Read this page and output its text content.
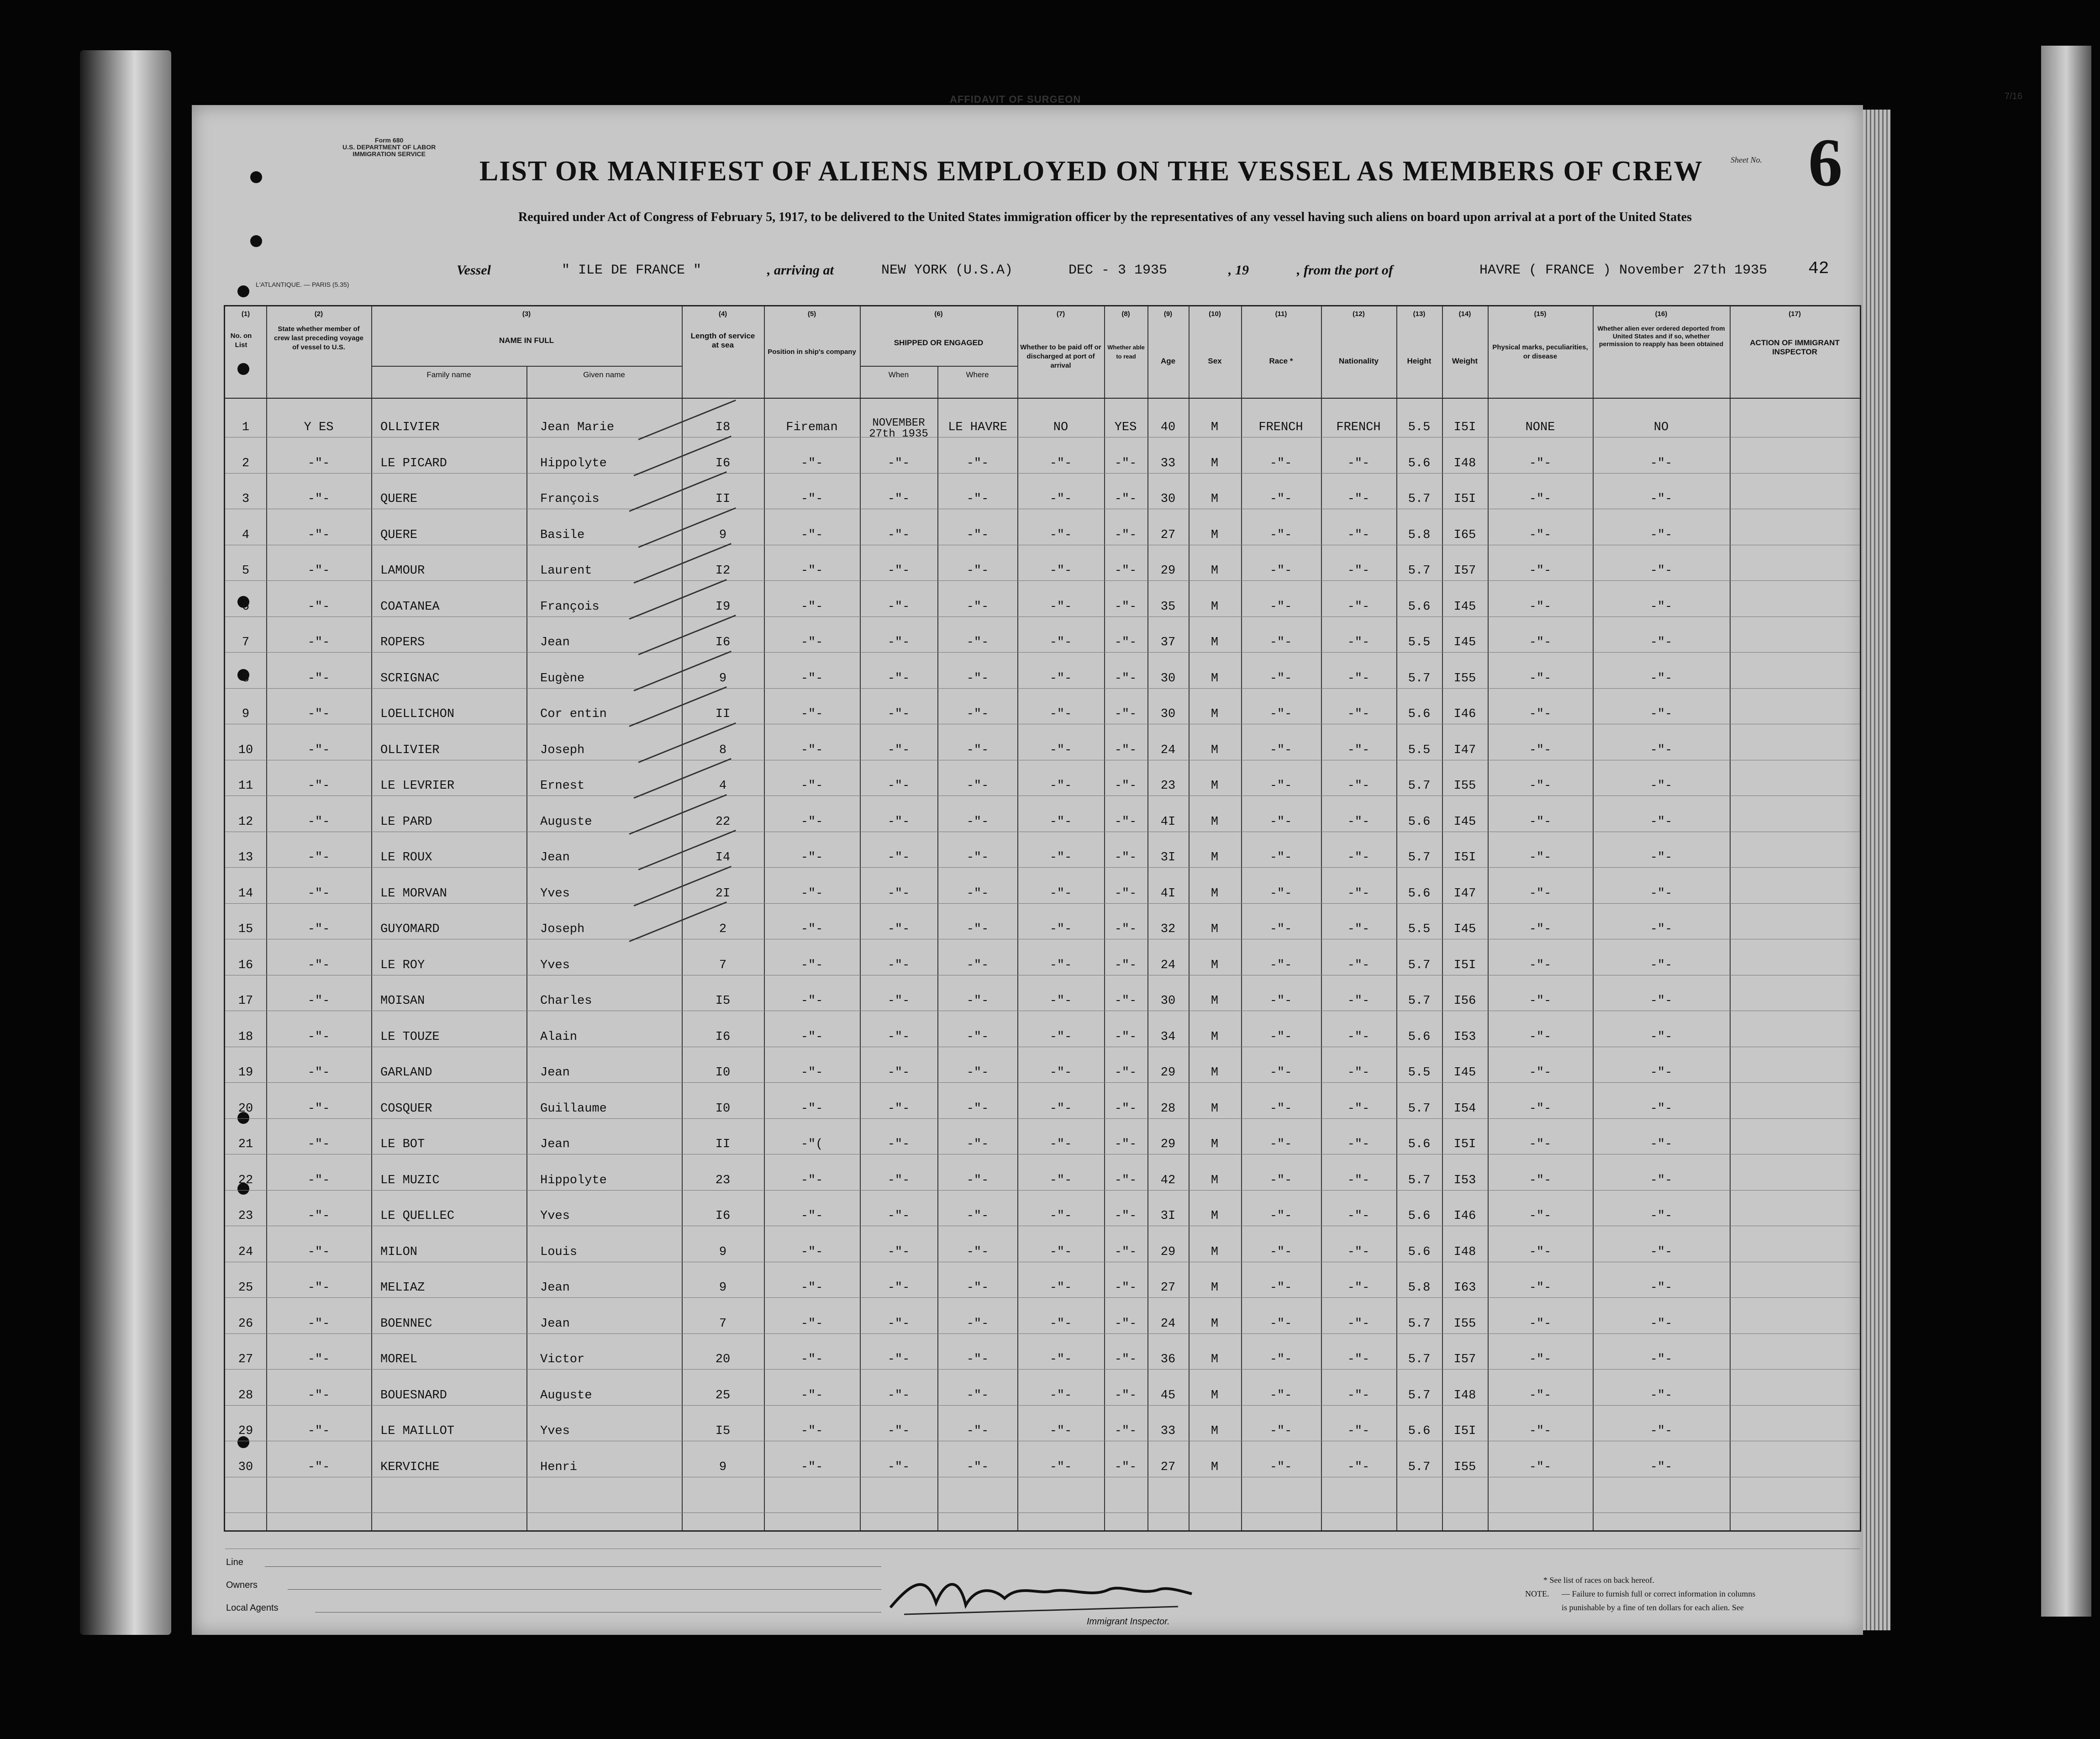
AFFIDAVIT OF SURGEON	7/16
Form 680
U.S. DEPARTMENT OF LABOR
IMMIGRATION SERVICE
LIST OR MANIFEST OF ALIENS EMPLOYED ON THE VESSEL AS MEMBERS OF CREW	Sheet No. 6
Required under Act of Congress of February 5, 1917, to be delivered to the United States immigration officer by the representatives of any vessel having such aliens on board upon arrival at a port of the United States
Vessel	" ILE DE FRANCE "	, arriving at	NEW YORK (U.S.A)	DEC - 3 1935	, 19	, from the port of	HAVRE ( FRANCE ) November 27th 1935 42
L'ATLANTIQUE. — PARIS (5.35)
(1)
No. on List
(2)
State whether member of crew last preceding voyage of vessel to U.S.
(3)
NAME IN FULL
Family name	Given name
(4)
Length of service at sea
(5)
Position in ship's company
(6)
SHIPPED OR ENGAGED
When	Where
(7)
Whether to be paid off or discharged at port of arrival
(8)
Whether able to read
(9)
Age
(10)
Sex
(11)
Race *
(12)
Nationality
(13)
Height
(14)
Weight
(15)
Physical marks, peculiarities, or disease
(16)
Whether alien ever ordered deported from United States and if so, whether permission to reapply has been obtained
(17)
ACTION OF IMMIGRANT INSPECTOR
1	Y ES	OLLIVIER	Jean Marie	I8	Fireman	NOVEMBER 27th 1935	LE HAVRE	NO	YES	40	M	FRENCH	FRENCH	5.5	I5I	NONE	NO
2	-"-	LE PICARD	Hippolyte	I6	-"-	-"-	-"-	-"-	-"-	33	M	-"-	-"-	5.6	I48	-"-	-"-
3	-"-	QUERE	François	II	-"-	-"-	-"-	-"-	-"-	30	M	-"-	-"-	5.7	I5I	-"-	-"-
4	-"-	QUERE	Basile	9	-"-	-"-	-"-	-"-	-"-	27	M	-"-	-"-	5.8	I65	-"-	-"-
5	-"-	LAMOUR	Laurent	I2	-"-	-"-	-"-	-"-	-"-	29	M	-"-	-"-	5.7	I57	-"-	-"-
6	-"-	COATANEA	François	I9	-"-	-"-	-"-	-"-	-"-	35	M	-"-	-"-	5.6	I45	-"-	-"-
7	-"-	ROPERS	Jean	I6	-"-	-"-	-"-	-"-	-"-	37	M	-"-	-"-	5.5	I45	-"-	-"-
8	-"-	SCRIGNAC	Eugène	9	-"-	-"-	-"-	-"-	-"-	30	M	-"-	-"-	5.7	I55	-"-	-"-
9	-"-	LOELLICHON	Cor entin	II	-"-	-"-	-"-	-"-	-"-	30	M	-"-	-"-	5.6	I46	-"-	-"-
10	-"-	OLLIVIER	Joseph	8	-"-	-"-	-"-	-"-	-"-	24	M	-"-	-"-	5.5	I47	-"-	-"-
11	-"-	LE LEVRIER	Ernest	4	-"-	-"-	-"-	-"-	-"-	23	M	-"-	-"-	5.7	I55	-"-	-"-
12	-"-	LE PARD	Auguste	22	-"-	-"-	-"-	-"-	-"-	4I	M	-"-	-"-	5.6	I45	-"-	-"-
13	-"-	LE ROUX	Jean	I4	-"-	-"-	-"-	-"-	-"-	3I	M	-"-	-"-	5.7	I5I	-"-	-"-
14	-"-	LE MORVAN	Yves	2I	-"-	-"-	-"-	-"-	-"-	4I	M	-"-	-"-	5.6	I47	-"-	-"-
15	-"-	GUYOMARD	Joseph	2	-"-	-"-	-"-	-"-	-"-	32	M	-"-	-"-	5.5	I45	-"-	-"-
16	-"-	LE ROY	Yves	7	-"-	-"-	-"-	-"-	-"-	24	M	-"-	-"-	5.7	I5I	-"-	-"-
17	-"-	MOISAN	Charles	I5	-"-	-"-	-"-	-"-	-"-	30	M	-"-	-"-	5.7	I56	-"-	-"-
18	-"-	LE TOUZE	Alain	I6	-"-	-"-	-"-	-"-	-"-	34	M	-"-	-"-	5.6	I53	-"-	-"-
19	-"-	GARLAND	Jean	I0	-"-	-"-	-"-	-"-	-"-	29	M	-"-	-"-	5.5	I45	-"-	-"-
20	-"-	COSQUER	Guillaume	I0	-"-	-"-	-"-	-"-	-"-	28	M	-"-	-"-	5.7	I54	-"-	-"-
21	-"-	LE BOT	Jean	II	-"(	-"-	-"-	-"-	-"-	29	M	-"-	-"-	5.6	I5I	-"-	-"-
22	-"-	LE MUZIC	Hippolyte	23	-"-	-"-	-"-	-"-	-"-	42	M	-"-	-"-	5.7	I53	-"-	-"-
23	-"-	LE QUELLEC	Yves	I6	-"-	-"-	-"-	-"-	-"-	3I	M	-"-	-"-	5.6	I46	-"-	-"-
24	-"-	MILON	Louis	9	-"-	-"-	-"-	-"-	-"-	29	M	-"-	-"-	5.6	I48	-"-	-"-
25	-"-	MELIAZ	Jean	9	-"-	-"-	-"-	-"-	-"-	27	M	-"-	-"-	5.8	I63	-"-	-"-
26	-"-	BOENNEC	Jean	7	-"-	-"-	-"-	-"-	-"-	24	M	-"-	-"-	5.7	I55	-"-	-"-
27	-"-	MOREL	Victor	20	-"-	-"-	-"-	-"-	-"-	36	M	-"-	-"-	5.7	I57	-"-	-"-
28	-"-	BOUESNARD	Auguste	25	-"-	-"-	-"-	-"-	-"-	45	M	-"-	-"-	5.7	I48	-"-	-"-
29	-"-	LE MAILLOT	Yves	I5	-"-	-"-	-"-	-"-	-"-	33	M	-"-	-"-	5.6	I5I	-"-	-"-
30	-"-	KERVICHE	Henri	9	-"-	-"-	-"-	-"-	-"-	27	M	-"-	-"-	5.7	I55	-"-	-"-
Line
Owners
Local Agents
Immigrant Inspector.
* See list of races on back hereof.
NOTE. — Failure to furnish full or correct information in columns
is punishable by a fine of ten dollars for each alien. See
